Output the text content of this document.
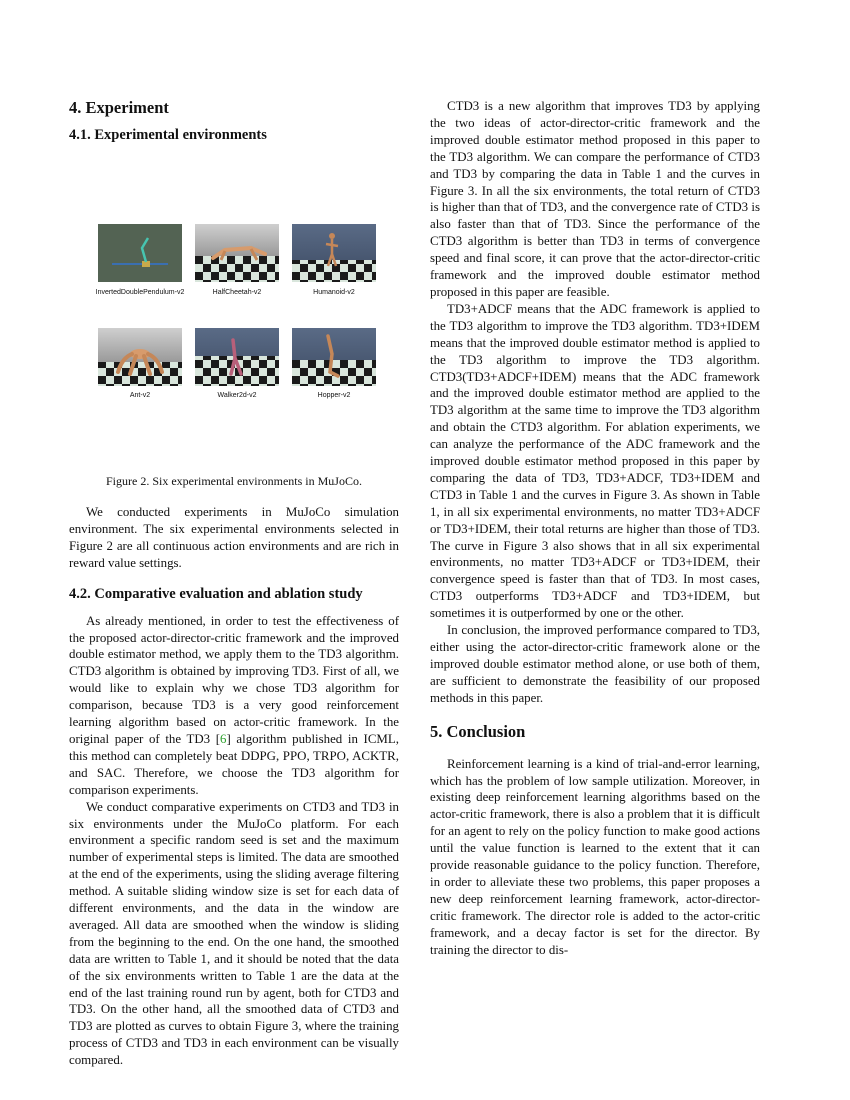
4. Experiment
4.1. Experimental environments
InvertedDoublePendulum-v2	HalfCheetah-v2	Humanoid-v2
Ant-v2	Walker2d-v2	Hopper-v2
Figure 2. Six experimental environments in MuJoCo.

We conducted experiments in MuJoCo simulation environment. The six experimental environments selected in Figure 2 are all continuous action environments and are rich in reward value settings.

4.2. Comparative evaluation and ablation study

As already mentioned, in order to test the effectiveness of the proposed actor-director-critic framework and the improved double estimator method, we apply them to the TD3 algorithm. CTD3 algorithm is obtained by improving TD3. First of all, we would like to explain why we chose TD3 algorithm for comparison, because TD3 is a very good reinforcement learning algorithm based on actor-critic framework. In the original paper of the TD3 [6] algorithm published in ICML, this method can completely beat DDPG, PPO, TRPO, ACKTR, and SAC. Therefore, we choose the TD3 algorithm for comparison experiments.

We conduct comparative experiments on CTD3 and TD3 in six environments under the MuJoCo platform. For each environment a specific random seed is set and the maximum number of experimental steps is limited. The data are smoothed at the end of the experiments, using the sliding average filtering method. A suitable sliding window size is set for each data of different environments, and the data in the window are averaged. All data are smoothed when the window is sliding from the beginning to the end. On the one hand, the smoothed data are written to Table 1, and it should be noted that the data of the six environments written to Table 1 are the data at the end of the last training round run by agent, both for CTD3 and TD3. On the other hand, all the smoothed data of CTD3 and TD3 are plotted as curves to obtain Figure 3, where the training process of CTD3 and TD3 in each environment can be visually compared.

CTD3 is a new algorithm that improves TD3 by applying the two ideas of actor-director-critic framework and the improved double estimator method proposed in this paper to the TD3 algorithm. We can compare the performance of CTD3 and TD3 by comparing the data in Table 1 and the curves in Figure 3. In all the six environments, the total return of CTD3 is higher than that of TD3, and the convergence rate of CTD3 is also faster than that of TD3. Since the performance of the CTD3 algorithm is better than TD3 in terms of convergence speed and final score, it can prove that the actor-director-critic framework and the improved double estimator method proposed in this paper are feasible.

TD3+ADCF means that the ADC framework is applied to the TD3 algorithm to improve the TD3 algorithm. TD3+IDEM means that the improved double estimator method is applied to the TD3 algorithm to improve the TD3 algorithm. CTD3(TD3+ADCF+IDEM) means that the ADC framework and the improved double estimator method are applied to the TD3 algorithm at the same time to improve the TD3 algorithm and obtain the CTD3 algorithm. For ablation experiments, we can analyze the performance of the ADC framework and the improved double estimator method proposed in this paper by comparing the data of TD3, TD3+ADCF, TD3+IDEM and CTD3 in Table 1 and the curves in Figure 3. As shown in Table 1, in all six experimental environments, no matter TD3+ADCF or TD3+IDEM, their total returns are higher than those of TD3. The curve in Figure 3 also shows that in all six experimental environments, no matter TD3+ADCF or TD3+IDEM, their convergence speed is faster than that of TD3. In most cases, CTD3 outperforms TD3+ADCF and TD3+IDEM, but sometimes it is outperformed by one or the other.

In conclusion, the improved performance compared to TD3, either using the actor-director-critic framework alone or the improved double estimator method alone, or use both of them, are sufficient to demonstrate the feasibility of our proposed methods in this paper.

5. Conclusion

Reinforcement learning is a kind of trial-and-error learning, which has the problem of low sample utilization. Moreover, in existing deep reinforcement learning algorithms based on the actor-critic framework, there is also a problem that it is difficult for an agent to rely on the policy function to make good actions until the value function is learned to the extent that it can provide reasonable guidance to the policy function. Therefore, in order to alleviate these two problems, this paper proposes a new deep reinforcement learning framework, actor-director-critic framework. The director role is added to the actor-critic framework, and a decay factor is set for the director. By training the director to dis-
